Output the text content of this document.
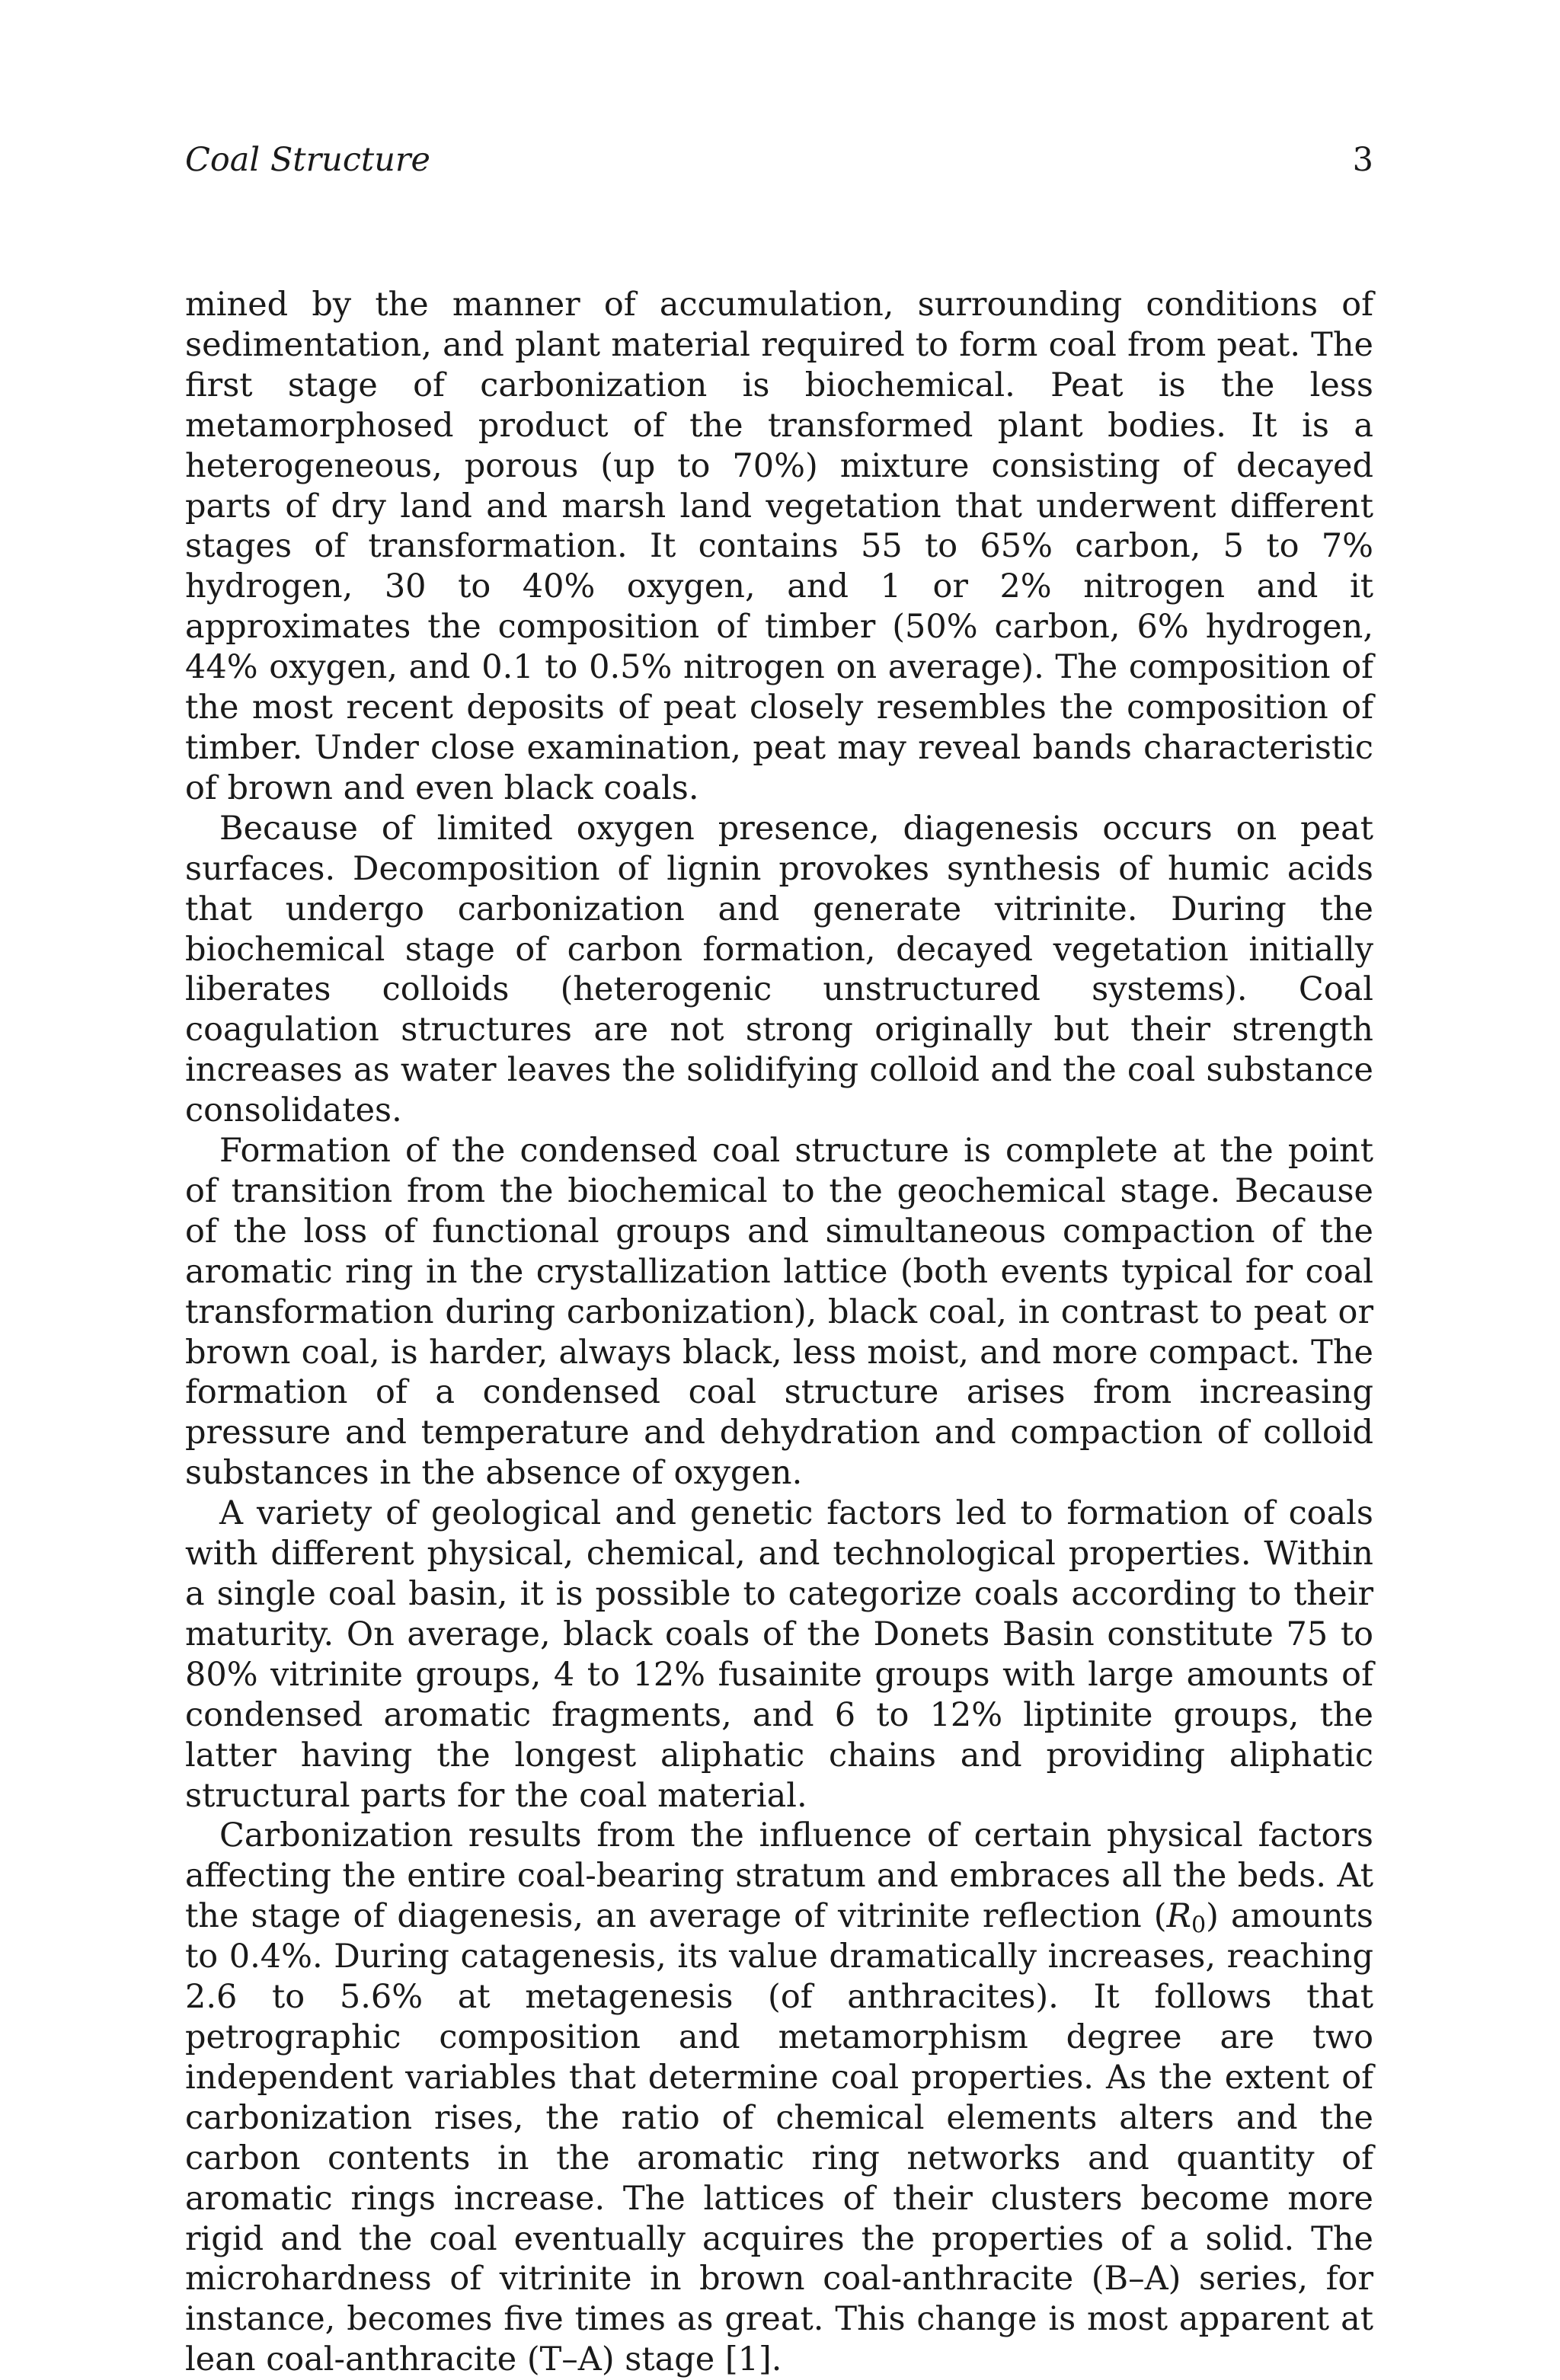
Coal Structure	3

mined by the manner of accumulation, surrounding conditions of sedimentation, and plant material required to form coal from peat. The first stage of carbonization is biochemical. Peat is the less metamorphosed product of the transformed plant bodies. It is a heterogeneous, porous (up to 70%) mixture consisting of decayed parts of dry land and marsh land vegetation that underwent different stages of transformation. It contains 55 to 65% carbon, 5 to 7% hydrogen, 30 to 40% oxygen, and 1 or 2% nitrogen and it approximates the composition of timber (50% carbon, 6% hydrogen, 44% oxygen, and 0.1 to 0.5% nitrogen on average). The composition of the most recent deposits of peat closely resembles the composition of timber. Under close examination, peat may reveal bands characteristic of brown and even black coals.

Because of limited oxygen presence, diagenesis occurs on peat surfaces. Decomposition of lignin provokes synthesis of humic acids that undergo carbonization and generate vitrinite. During the biochemical stage of carbon formation, decayed vegetation initially liberates colloids (heterogenic unstructured systems). Coal coagulation structures are not strong originally but their strength increases as water leaves the solidifying colloid and the coal substance consolidates.

Formation of the condensed coal structure is complete at the point of transition from the biochemical to the geochemical stage. Because of the loss of functional groups and simultaneous compaction of the aromatic ring in the crystallization lattice (both events typical for coal transformation during carbonization), black coal, in contrast to peat or brown coal, is harder, always black, less moist, and more compact. The formation of a condensed coal structure arises from increasing pressure and temperature and dehydration and compaction of colloid substances in the absence of oxygen.

A variety of geological and genetic factors led to formation of coals with different physical, chemical, and technological properties. Within a single coal basin, it is possible to categorize coals according to their maturity. On average, black coals of the Donets Basin constitute 75 to 80% vitrinite groups, 4 to 12% fusainite groups with large amounts of condensed aromatic fragments, and 6 to 12% liptinite groups, the latter having the longest aliphatic chains and providing aliphatic structural parts for the coal material.

Carbonization results from the influence of certain physical factors affecting the entire coal-bearing stratum and embraces all the beds. At the stage of diagenesis, an average of vitrinite reflection $(R_0)$ amounts to 0.4%. During catagenesis, its value dramatically increases, reaching 2.6 to 5.6% at metagenesis (of anthracites). It follows that petrographic composition and metamorphism degree are two independent variables that determine coal properties. As the extent of carbonization rises, the ratio of chemical elements alters and the carbon contents in the aromatic ring networks and quantity of aromatic rings increase. The lattices of their clusters become more rigid and the coal eventually acquires the properties of a solid. The microhardness of vitrinite in brown coal-anthracite (B–A) series, for instance, becomes five times as great. This change is most apparent at lean coal-anthracite (T–A) stage [1].
